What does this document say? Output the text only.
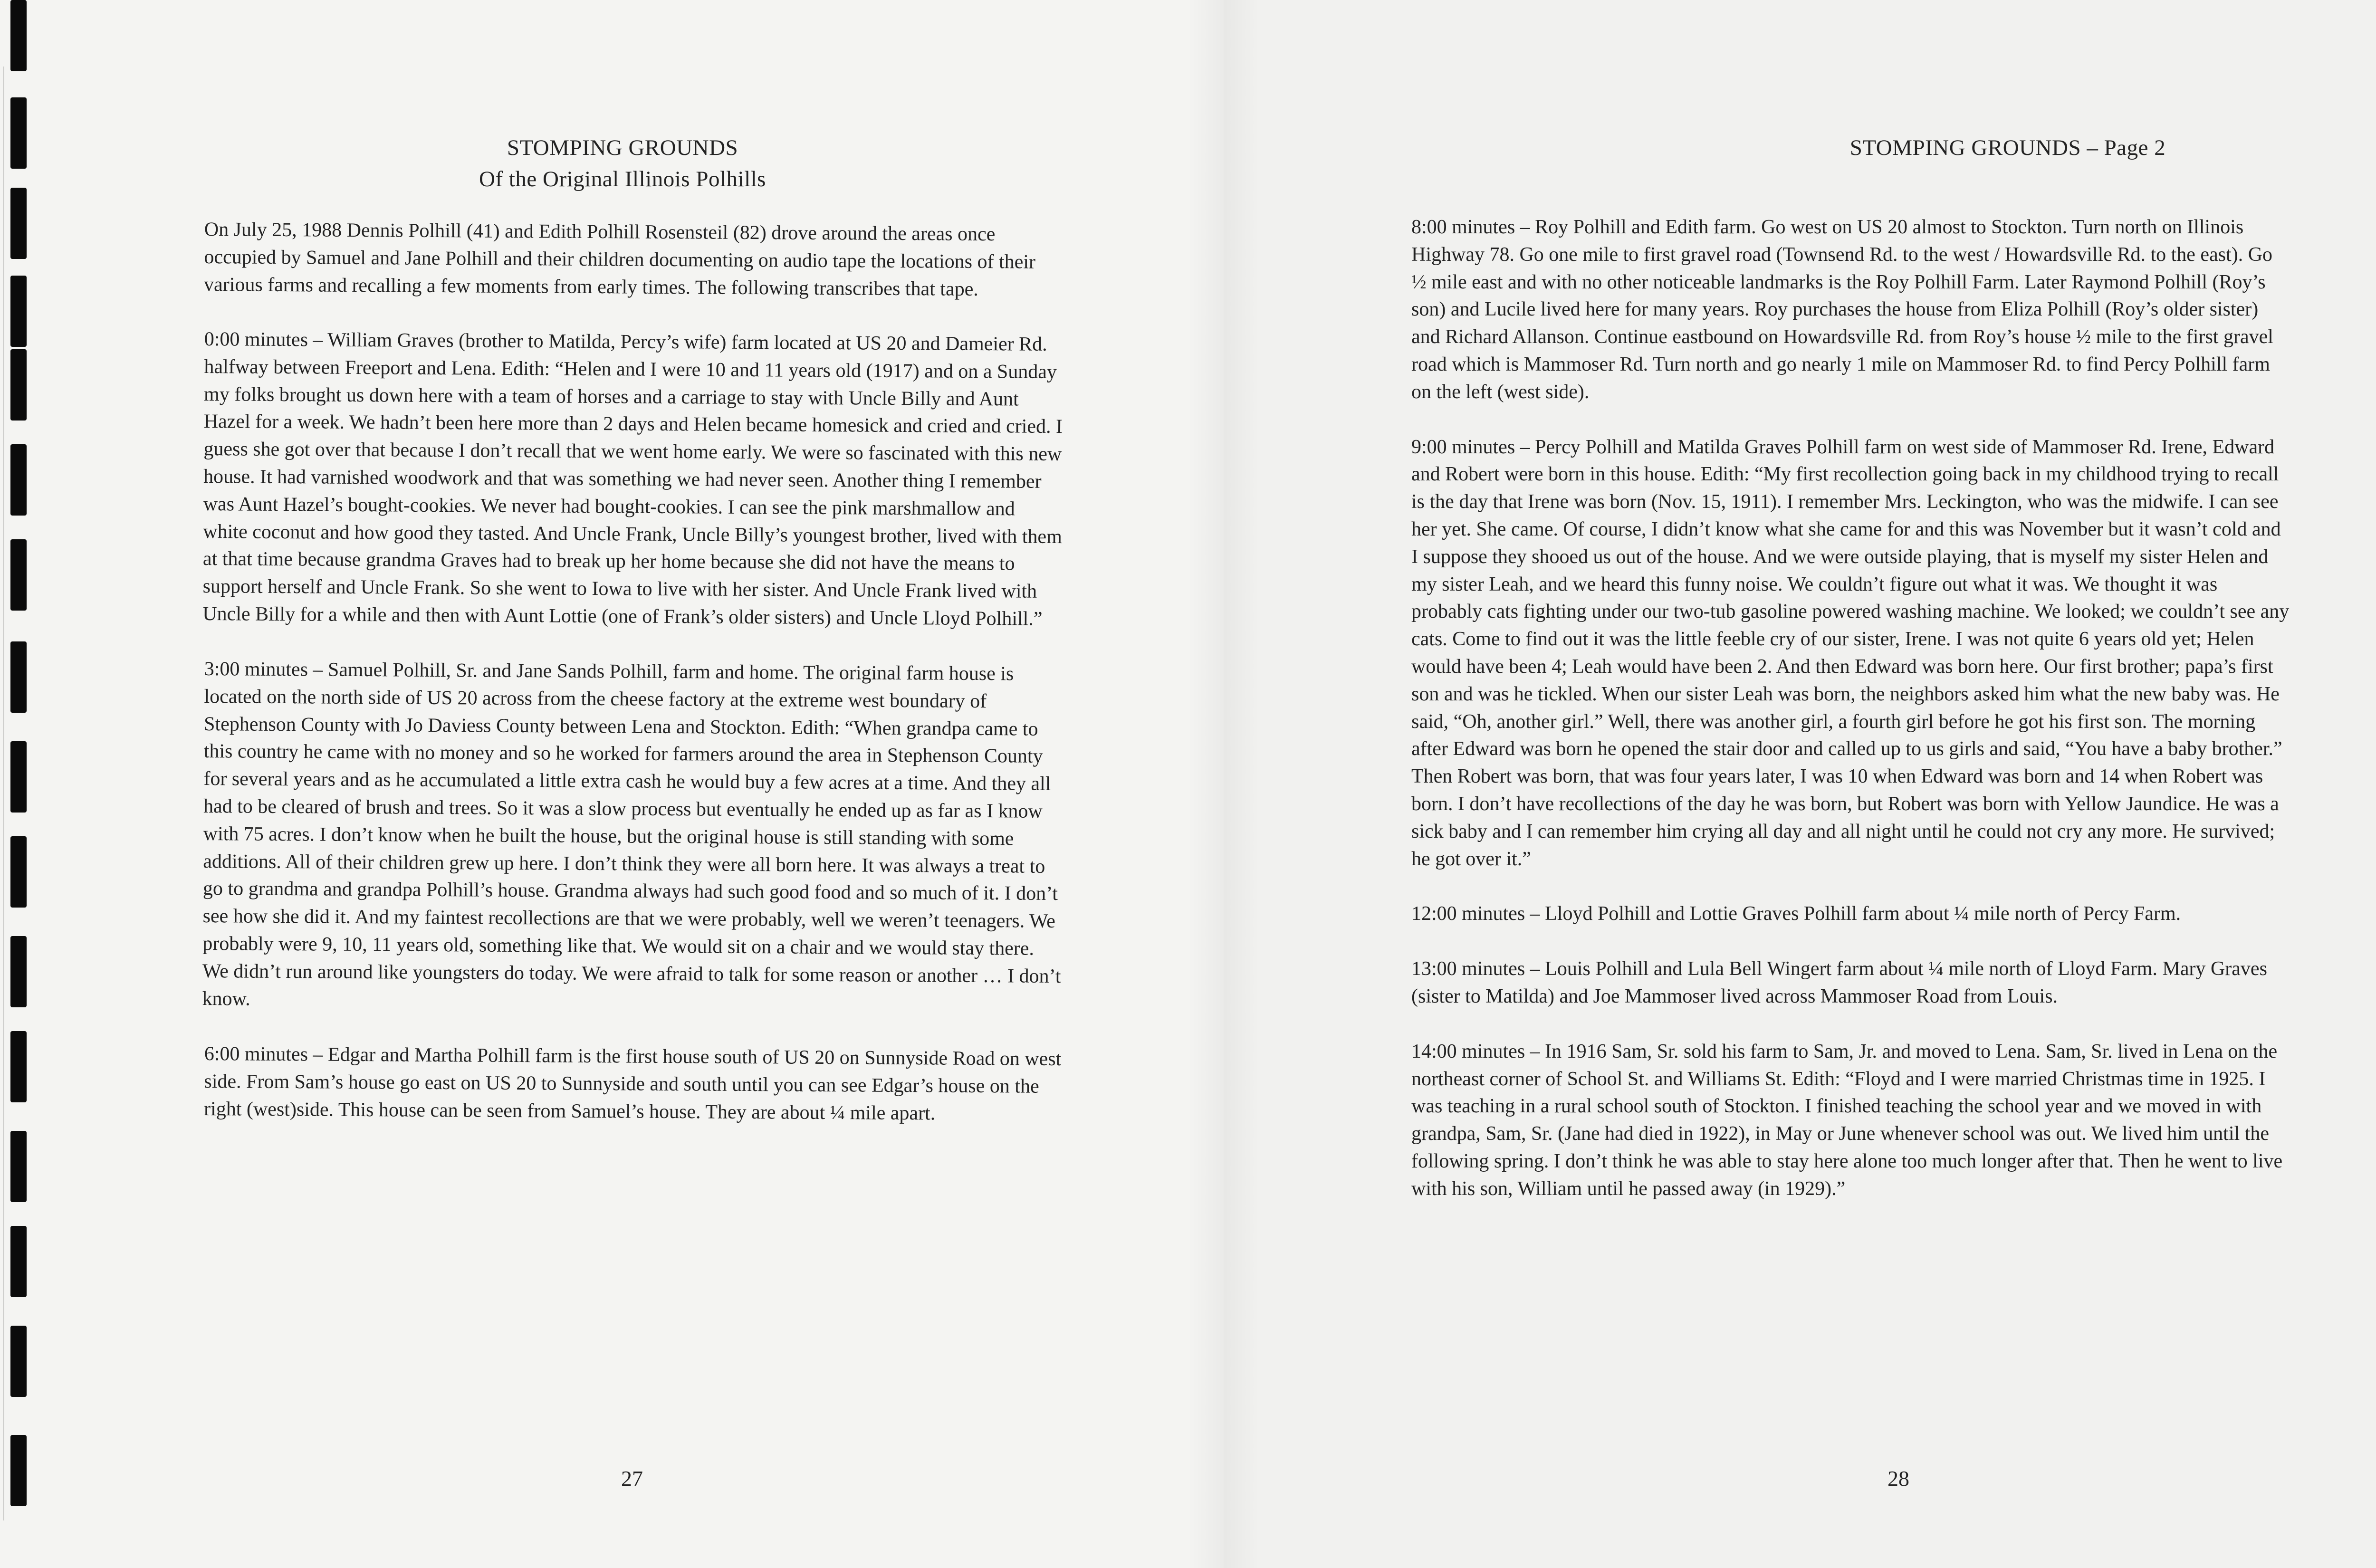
STOMPING GROUNDS
Of the Original Illinois Polhills

On July 25, 1988 Dennis Polhill (41) and Edith Polhill Rosensteil (82) drove around the areas once occupied by Samuel and Jane Polhill and their children documenting on audio tape the locations of their various farms and recalling a few moments from early times. The following transcribes that tape.

0:00 minutes – William Graves (brother to Matilda, Percy’s wife) farm located at US 20 and Dameier Rd. halfway between Freeport and Lena. Edith: “Helen and I were 10 and 11 years old (1917) and on a Sunday my folks brought us down here with a team of horses and a carriage to stay with Uncle Billy and Aunt Hazel for a week. We hadn’t been here more than 2 days and Helen became homesick and cried and cried. I guess she got over that because I don’t recall that we went home early. We were so fascinated with this new house. It had varnished woodwork and that was something we had never seen. Another thing I remember was Aunt Hazel’s bought-cookies. We never had bought-cookies. I can see the pink marshmallow and white coconut and how good they tasted. And Uncle Frank, Uncle Billy’s youngest brother, lived with them at that time because grandma Graves had to break up her home because she did not have the means to support herself and Uncle Frank. So she went to Iowa to live with her sister. And Uncle Frank lived with Uncle Billy for a while and then with Aunt Lottie (one of Frank’s older sisters) and Uncle Lloyd Polhill.”

3:00 minutes – Samuel Polhill, Sr. and Jane Sands Polhill, farm and home. The original farm house is located on the north side of US 20 across from the cheese factory at the extreme west boundary of Stephenson County with Jo Daviess County between Lena and Stockton. Edith: “When grandpa came to this country he came with no money and so he worked for farmers around the area in Stephenson County for several years and as he accumulated a little extra cash he would buy a few acres at a time. And they all had to be cleared of brush and trees. So it was a slow process but eventually he ended up as far as I know with 75 acres. I don’t know when he built the house, but the original house is still standing with some additions. All of their children grew up here. I don’t think they were all born here. It was always a treat to go to grandma and grandpa Polhill’s house. Grandma always had such good food and so much of it. I don’t see how she did it. And my faintest recollections are that we were probably, well we weren’t teenagers. We probably were 9, 10, 11 years old, something like that. We would sit on a chair and we would stay there. We didn’t run around like youngsters do today. We were afraid to talk for some reason or another … I don’t know.

6:00 minutes – Edgar and Martha Polhill farm is the first house south of US 20 on Sunnyside Road on west side. From Sam’s house go east on US 20 to Sunnyside and south until you can see Edgar’s house on the right (west)side. This house can be seen from Samuel’s house. They are about ¼ mile apart.

27
STOMPING GROUNDS – Page 2

8:00 minutes – Roy Polhill and Edith farm. Go west on US 20 almost to Stockton. Turn north on Illinois Highway 78. Go one mile to first gravel road (Townsend Rd. to the west / Howardsville Rd. to the east). Go ½ mile east and with no other noticeable landmarks is the Roy Polhill Farm. Later Raymond Polhill (Roy’s son) and Lucile lived here for many years. Roy purchases the house from Eliza Polhill (Roy’s older sister) and Richard Allanson. Continue eastbound on Howardsville Rd. from Roy’s house ½ mile to the first gravel road which is Mammoser Rd. Turn north and go nearly 1 mile on Mammoser Rd. to find Percy Polhill farm on the left (west side).

9:00 minutes – Percy Polhill and Matilda Graves Polhill farm on west side of Mammoser Rd. Irene, Edward and Robert were born in this house. Edith: “My first recollection going back in my childhood trying to recall is the day that Irene was born (Nov. 15, 1911). I remember Mrs. Leckington, who was the midwife. I can see her yet. She came. Of course, I didn’t know what she came for and this was November but it wasn’t cold and I suppose they shooed us out of the house. And we were outside playing, that is myself my sister Helen and my sister Leah, and we heard this funny noise. We couldn’t figure out what it was. We thought it was probably cats fighting under our two-tub gasoline powered washing machine. We looked; we couldn’t see any cats. Come to find out it was the little feeble cry of our sister, Irene. I was not quite 6 years old yet; Helen would have been 4; Leah would have been 2. And then Edward was born here. Our first brother; papa’s first son and was he tickled. When our sister Leah was born, the neighbors asked him what the new baby was. He said, “Oh, another girl.” Well, there was another girl, a fourth girl before he got his first son. The morning after Edward was born he opened the stair door and called up to us girls and said, “You have a baby brother.” Then Robert was born, that was four years later, I was 10 when Edward was born and 14 when Robert was born. I don’t have recollections of the day he was born, but Robert was born with Yellow Jaundice. He was a sick baby and I can remember him crying all day and all night until he could not cry any more. He survived; he got over it.”

12:00 minutes – Lloyd Polhill and Lottie Graves Polhill farm about ¼ mile north of Percy Farm.

13:00 minutes – Louis Polhill and Lula Bell Wingert farm about ¼ mile north of Lloyd Farm. Mary Graves (sister to Matilda) and Joe Mammoser lived across Mammoser Road from Louis.

14:00 minutes – In 1916 Sam, Sr. sold his farm to Sam, Jr. and moved to Lena. Sam, Sr. lived in Lena on the northeast corner of School St. and Williams St. Edith: “Floyd and I were married Christmas time in 1925. I was teaching in a rural school south of Stockton. I finished teaching the school year and we moved in with grandpa, Sam, Sr. (Jane had died in 1922), in May or June whenever school was out. We lived him until the following spring. I don’t think he was able to stay here alone too much longer after that. Then he went to live with his son, William until he passed away (in 1929).”

28
